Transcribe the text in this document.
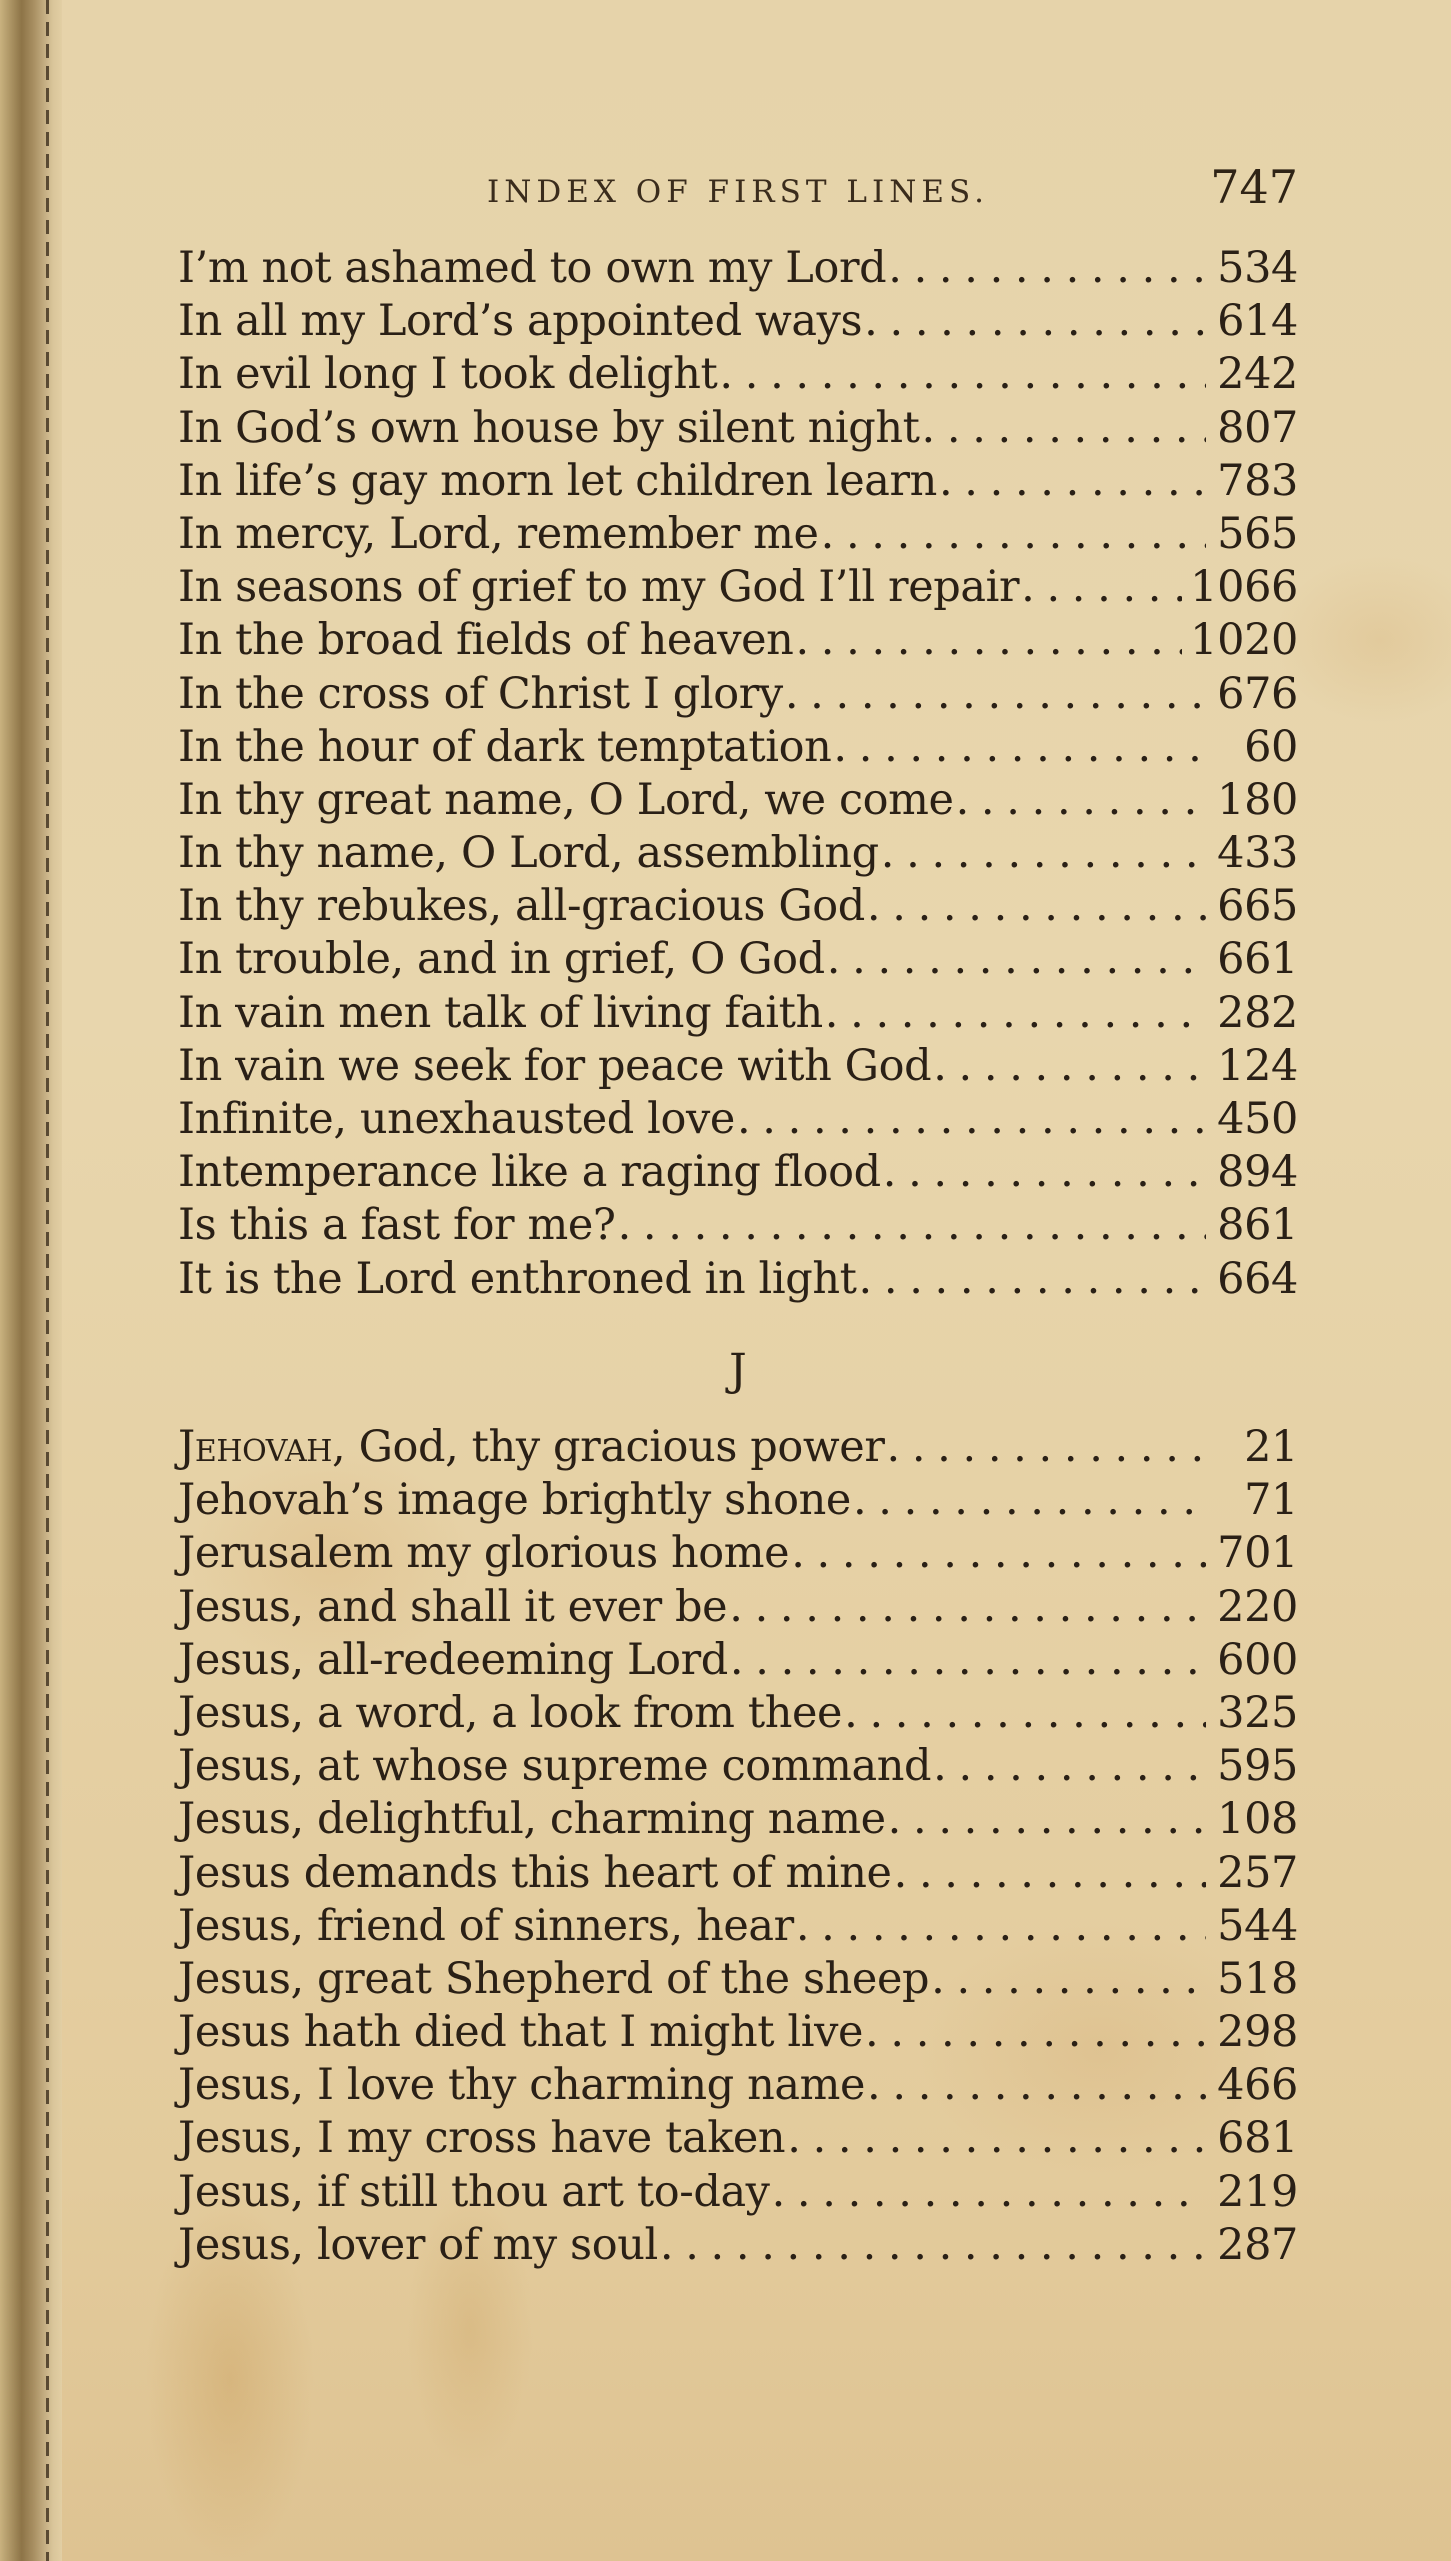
INDEX OF FIRST LINES.	747
I’m not ashamed to own my Lord . . .	534
In all my Lord’s appointed ways . . .	614
In evil long I took delight . . .	242
In God’s own house by silent night . . .	807
In life’s gay morn let children learn . . .	783
In mercy, Lord, remember me . . .	565
In seasons of grief to my God I’ll repair . . .	1066
In the broad fields of heaven . . .	1020
In the cross of Christ I glory . . .	676
In the hour of dark temptation . . .	60
In thy great name, O Lord, we come . . .	180
In thy name, O Lord, assembling . . .	433
In thy rebukes, all-gracious God . . .	665
In trouble, and in grief, O God . . .	661
In vain men talk of living faith . . .	282
In vain we seek for peace with God . . .	124
Infinite, unexhausted love . . .	450
Intemperance like a raging flood . . .	894
Is this a fast for me? . . .	861
It is the Lord enthroned in light . . .	664
J
Jehovah, God, thy gracious power . . .	21
Jehovah’s image brightly shone . . .	71
Jerusalem my glorious home . . .	701
Jesus, and shall it ever be . . .	220
Jesus, all-redeeming Lord . . .	600
Jesus, a word, a look from thee . . .	325
Jesus, at whose supreme command . . .	595
Jesus, delightful, charming name . . .	108
Jesus demands this heart of mine . . .	257
Jesus, friend of sinners, hear . . .	544
Jesus, great Shepherd of the sheep . . .	518
Jesus hath died that I might live . . .	298
Jesus, I love thy charming name . . .	466
Jesus, I my cross have taken . . .	681
Jesus, if still thou art to-day . . .	219
Jesus, lover of my soul . . .	287
